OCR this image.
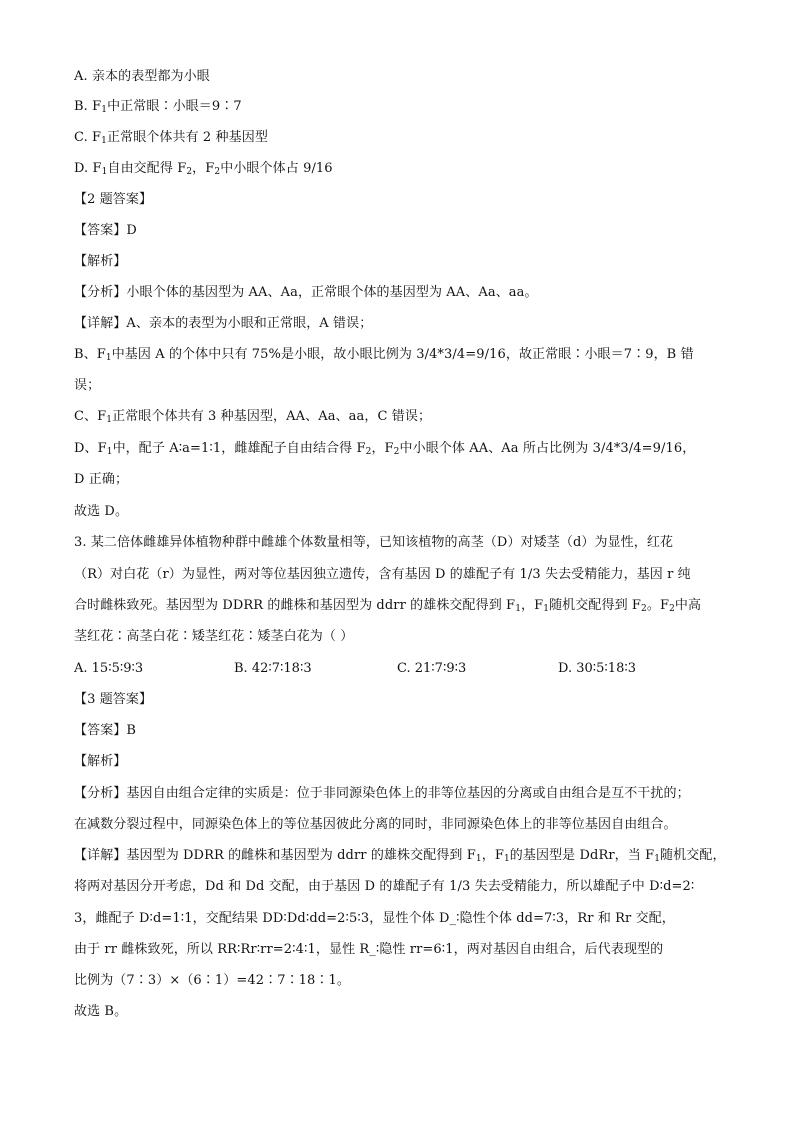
A. 亲本的表型都为小眼
B. $F_1$中正常眼∶小眼＝9∶7
C. $F_1$正常眼个体共有 2 种基因型
D. $F_1$自由交配得 $F_2$，$F_2$中小眼个体占 9/16
【2 题答案】
【答案】D
【解析】
【分析】小眼个体的基因型为 AA、Aa，正常眼个体的基因型为 AA、Aa、aa。
【详解】A、亲本的表型为小眼和正常眼，A 错误；
B、$F_1$中基因 A 的个体中只有 75%是小眼，故小眼比例为 3/4*3/4=9/16，故正常眼∶小眼＝7∶9，B 错
误；
C、$F_1$正常眼个体共有 3 种基因型，AA、Aa、aa，C 错误；
D、$F_1$中，配子 A∶a=1∶1，雌雄配子自由结合得 $F_2$，$F_2$中小眼个体 AA、Aa 所占比例为 3/4*3/4=9/16，
D 正确；
故选 D。
3. 某二倍体雌雄异体植物种群中雌雄个体数量相等，已知该植物的高茎（D）对矮茎（d）为显性，红花
（R）对白花（r）为显性，两对等位基因独立遗传，含有基因 D 的雄配子有 1/3 失去受精能力，基因 r 纯
合时雌株致死。基因型为 DDRR 的雌株和基因型为 ddrr 的雄株交配得到 $F_1$，$F_1$随机交配得到 $F_2$。$F_2$中高
茎红花∶高茎白花∶矮茎红花∶矮茎白花为（ ）
A. 15∶5∶9∶3	B. 42∶7∶18∶3	C. 21∶7∶9∶3	D. 30∶5∶18∶3
【3 题答案】
【答案】B
【解析】
【分析】基因自由组合定律的实质是：位于非同源染色体上的非等位基因的分离或自由组合是互不干扰的；
在减数分裂过程中，同源染色体上的等位基因彼此分离的同时，非同源染色体上的非等位基因自由组合。
【详解】基因型为 DDRR 的雌株和基因型为 ddrr 的雄株交配得到 $F_1$，$F_1$的基因型是 DdRr，当 $F_1$随机交配，
将两对基因分开考虑，Dd 和 Dd 交配，由于基因 D 的雄配子有 1/3 失去受精能力，所以雄配子中 D∶d=2∶
3，雌配子 D∶d=1∶1，交配结果 DD∶Dd∶dd=2∶5∶3，显性个体 D_∶隐性个体 dd=7∶3，Rr 和 Rr 交配，
由于 rr 雌株致死，所以 RR∶Rr∶rr=2∶4∶1，显性 R_∶隐性 rr=6∶1，两对基因自由组合，后代表现型的
比例为（7∶3）×（6∶1）=42∶7∶18∶1。
故选 B。
